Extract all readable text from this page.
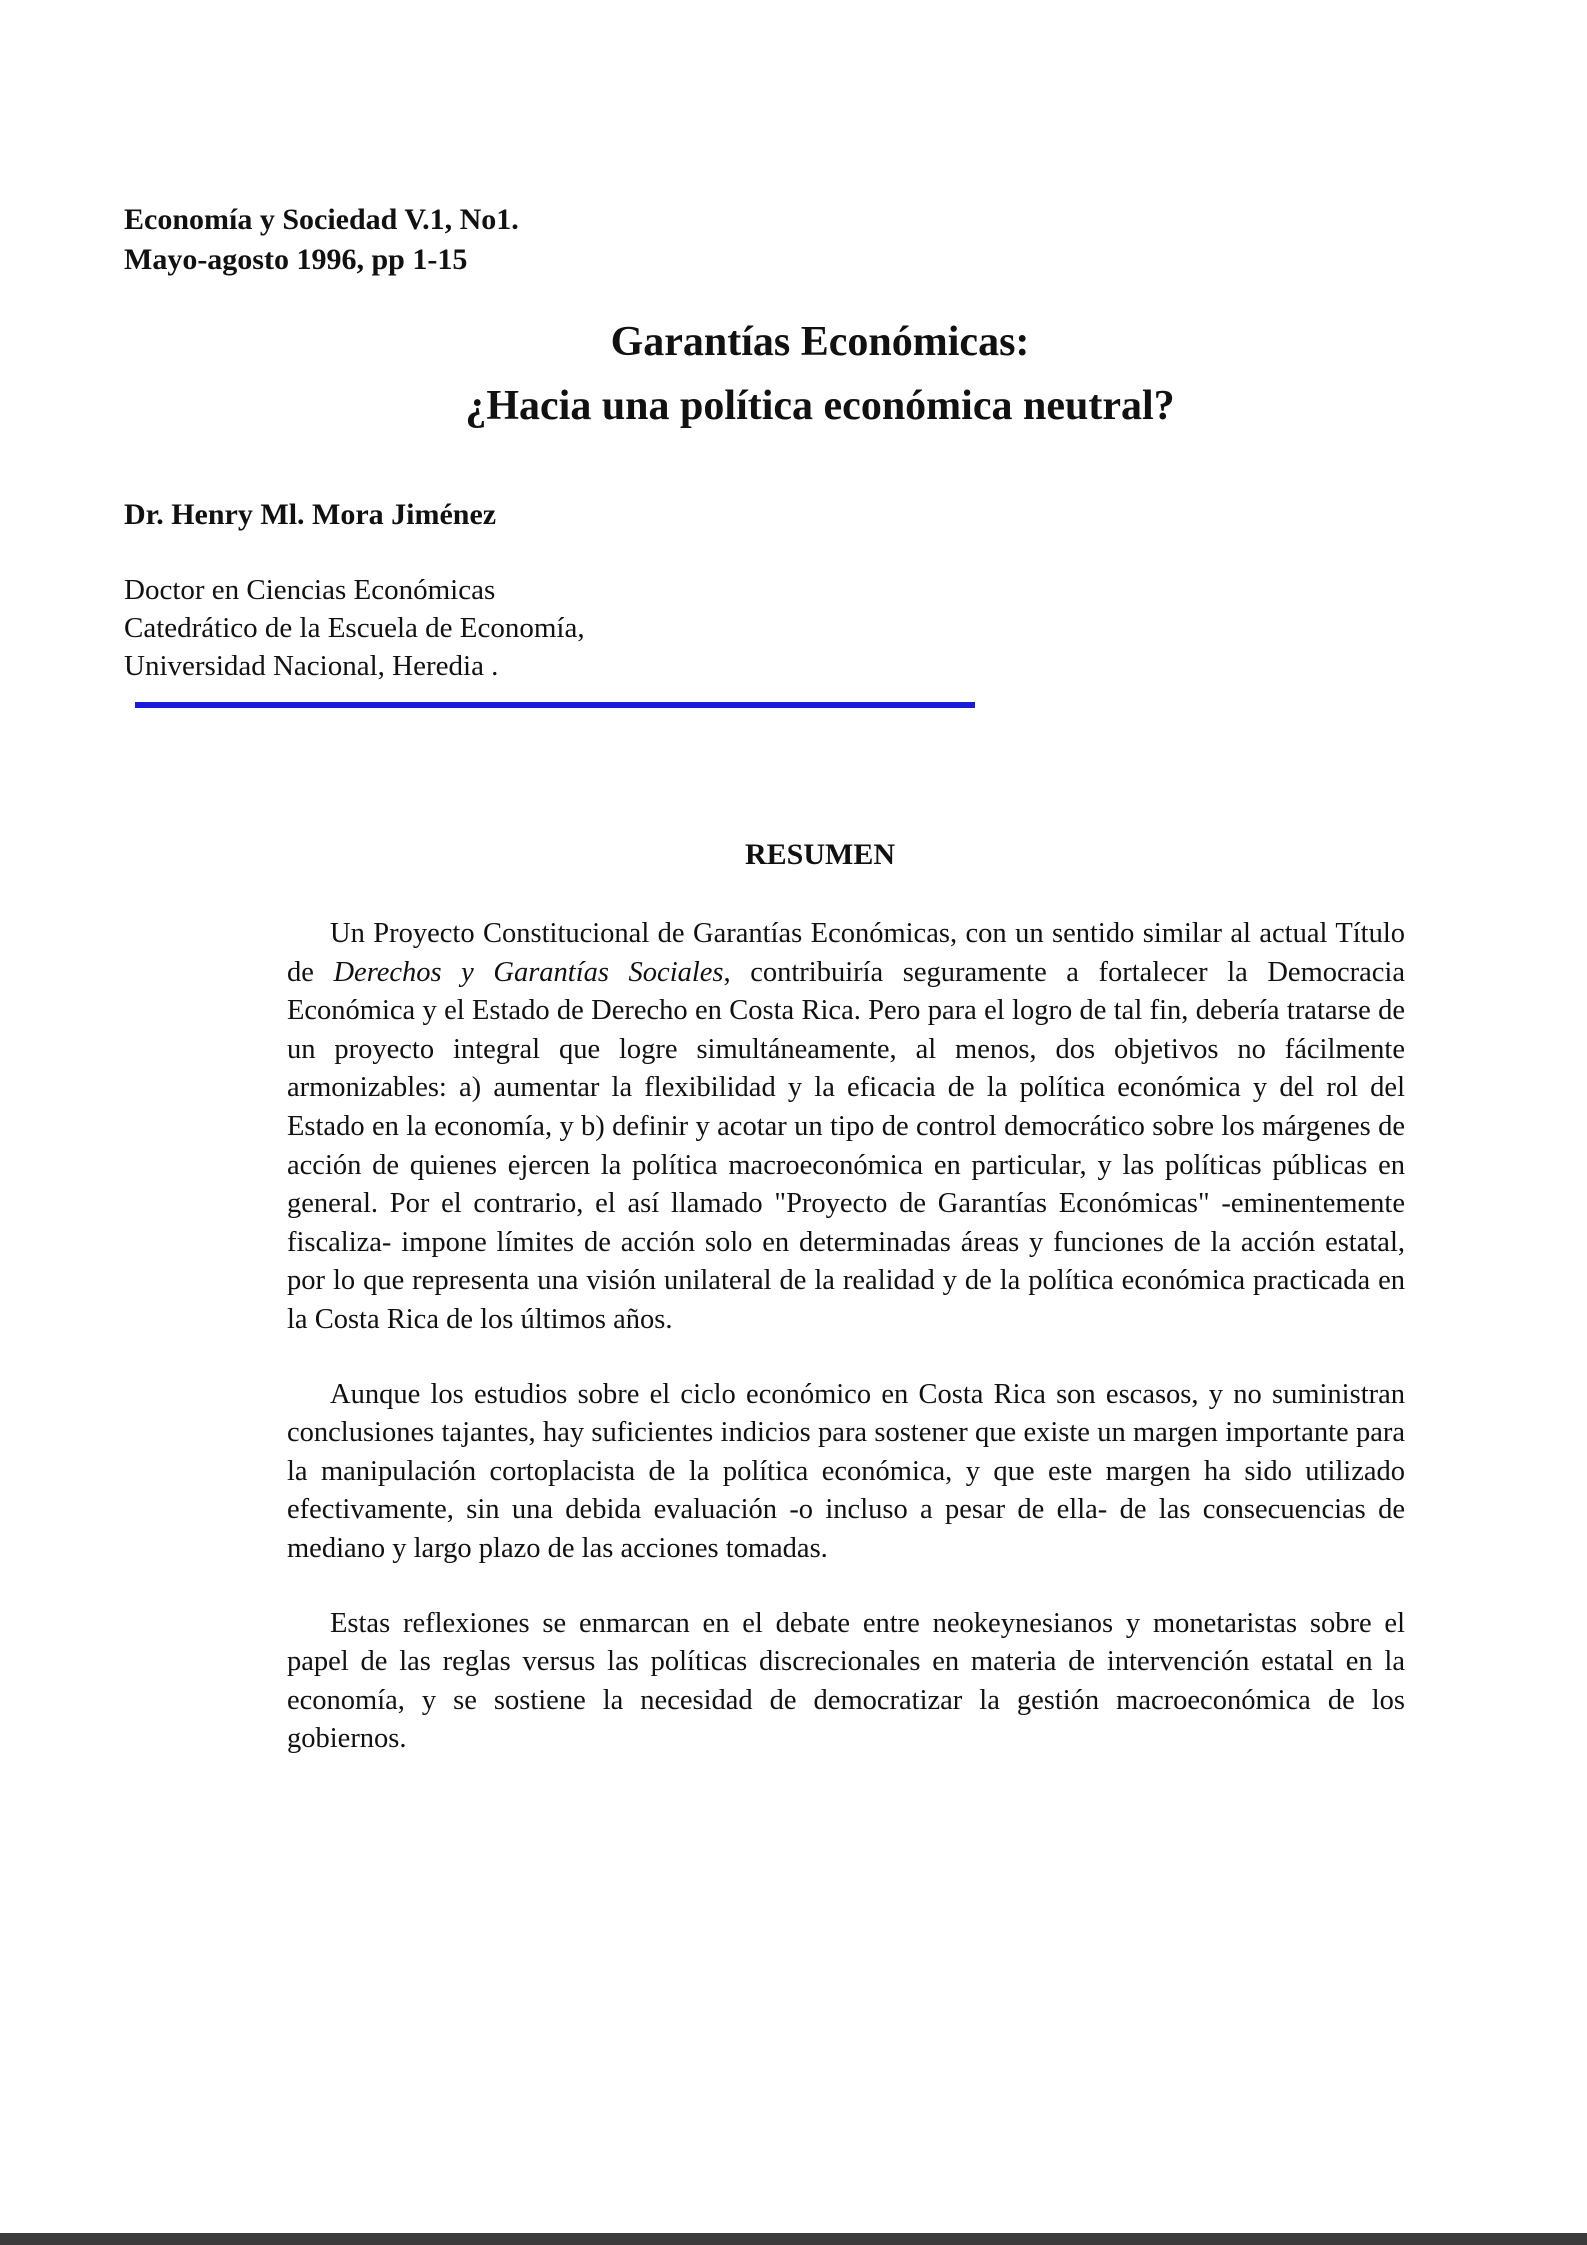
Economía y Sociedad V.1, No1.
Mayo-agosto 1996, pp 1-15
Garantías Económicas:
¿Hacia una política económica neutral?
Dr. Henry Ml. Mora Jiménez
Doctor en Ciencias Económicas
Catedrático de la Escuela de Economía,
Universidad Nacional, Heredia .
RESUMEN

Un Proyecto Constitucional de Garantías Económicas, con un sentido similar al actual Título de Derechos y Garantías Sociales, contribuiría seguramente a fortalecer la Democracia Económica y el Estado de Derecho en Costa Rica. Pero para el logro de tal fin, debería tratarse de un proyecto integral que logre simultáneamente, al menos, dos objetivos no fácilmente armonizables: a) aumentar la flexibilidad y la eficacia de la política económica y del rol del Estado en la economía, y b) definir y acotar un tipo de control democrático sobre los márgenes de acción de quienes ejercen la política macroeconómica en particular, y las políticas públicas en general. Por el contrario, el así llamado "Proyecto de Garantías Económicas" -eminentemente fiscaliza- impone límites de acción solo en determinadas áreas y funciones de la acción estatal, por lo que representa una visión unilateral de la realidad y de la política económica practicada en la Costa Rica de los últimos años.

Aunque los estudios sobre el ciclo económico en Costa Rica son escasos, y no suministran conclusiones tajantes, hay suficientes indicios para sostener que existe un margen importante para la manipulación cortoplacista de la política económica, y que este margen ha sido utilizado efectivamente, sin una debida evaluación -o incluso a pesar de ella- de las consecuencias de mediano y largo plazo de las acciones tomadas.

Estas reflexiones se enmarcan en el debate entre neokeynesianos y monetaristas sobre el papel de las reglas versus las políticas discrecionales en materia de intervención estatal en la economía, y se sostiene la necesidad de democratizar la gestión macroeconómica de los gobiernos.
